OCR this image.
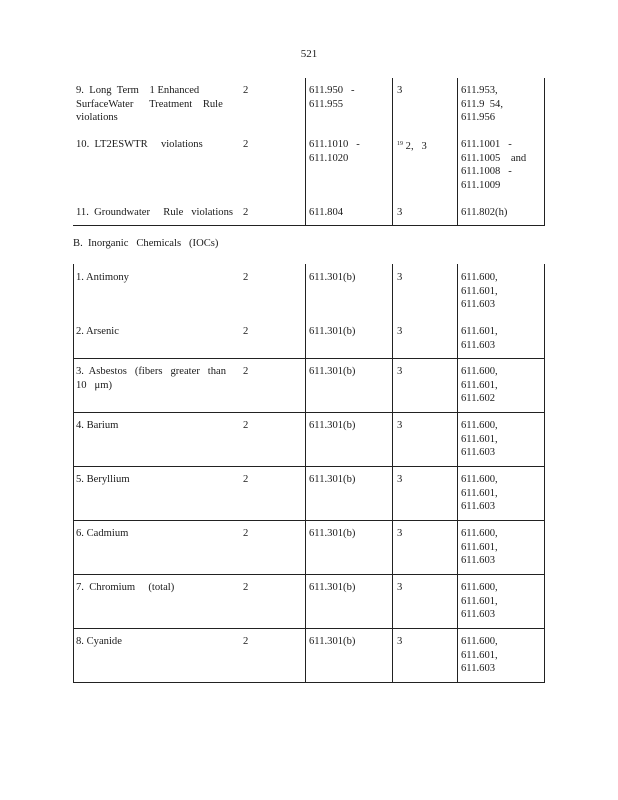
521
9.  Long  Term    1 Enhanced
SurfaceWater      Treatment    Rule
violations
2	611.950   -
611.955
3	611.953,
611.9  54,
611.956
10.  LT2ESWTR     violations	2	611.1010   -
611.1020
$^{19}$ 2,   3	611.1001   -
611.1005    and
611.1008   -
611.1009
11.  Groundwater     Rule   violations 2	611.804	3	611.802(h)
B.  Inorganic   Chemicals   (IOCs)
1. Antimony	2	611.301(b)	3	611.600,
611.601,
611.603
2. Arsenic	2	611.301(b)	3	611.601,
611.603
3.  Asbestos   (fibers   greater   than
10   μm)
2	611.301(b)	3	611.600,
611.601,
611.602
4. Barium	2	611.301(b)	3	611.600,
611.601,
611.603
5. Beryllium	2	611.301(b)	3	611.600,
611.601,
611.603
6. Cadmium	2	611.301(b)	3	611.600,
611.601,
611.603
7.  Chromium     (total)	2	611.301(b)	3	611.600,
611.601,
611.603
8. Cyanide	2	611.301(b)	3	611.600,
611.601,
611.603
